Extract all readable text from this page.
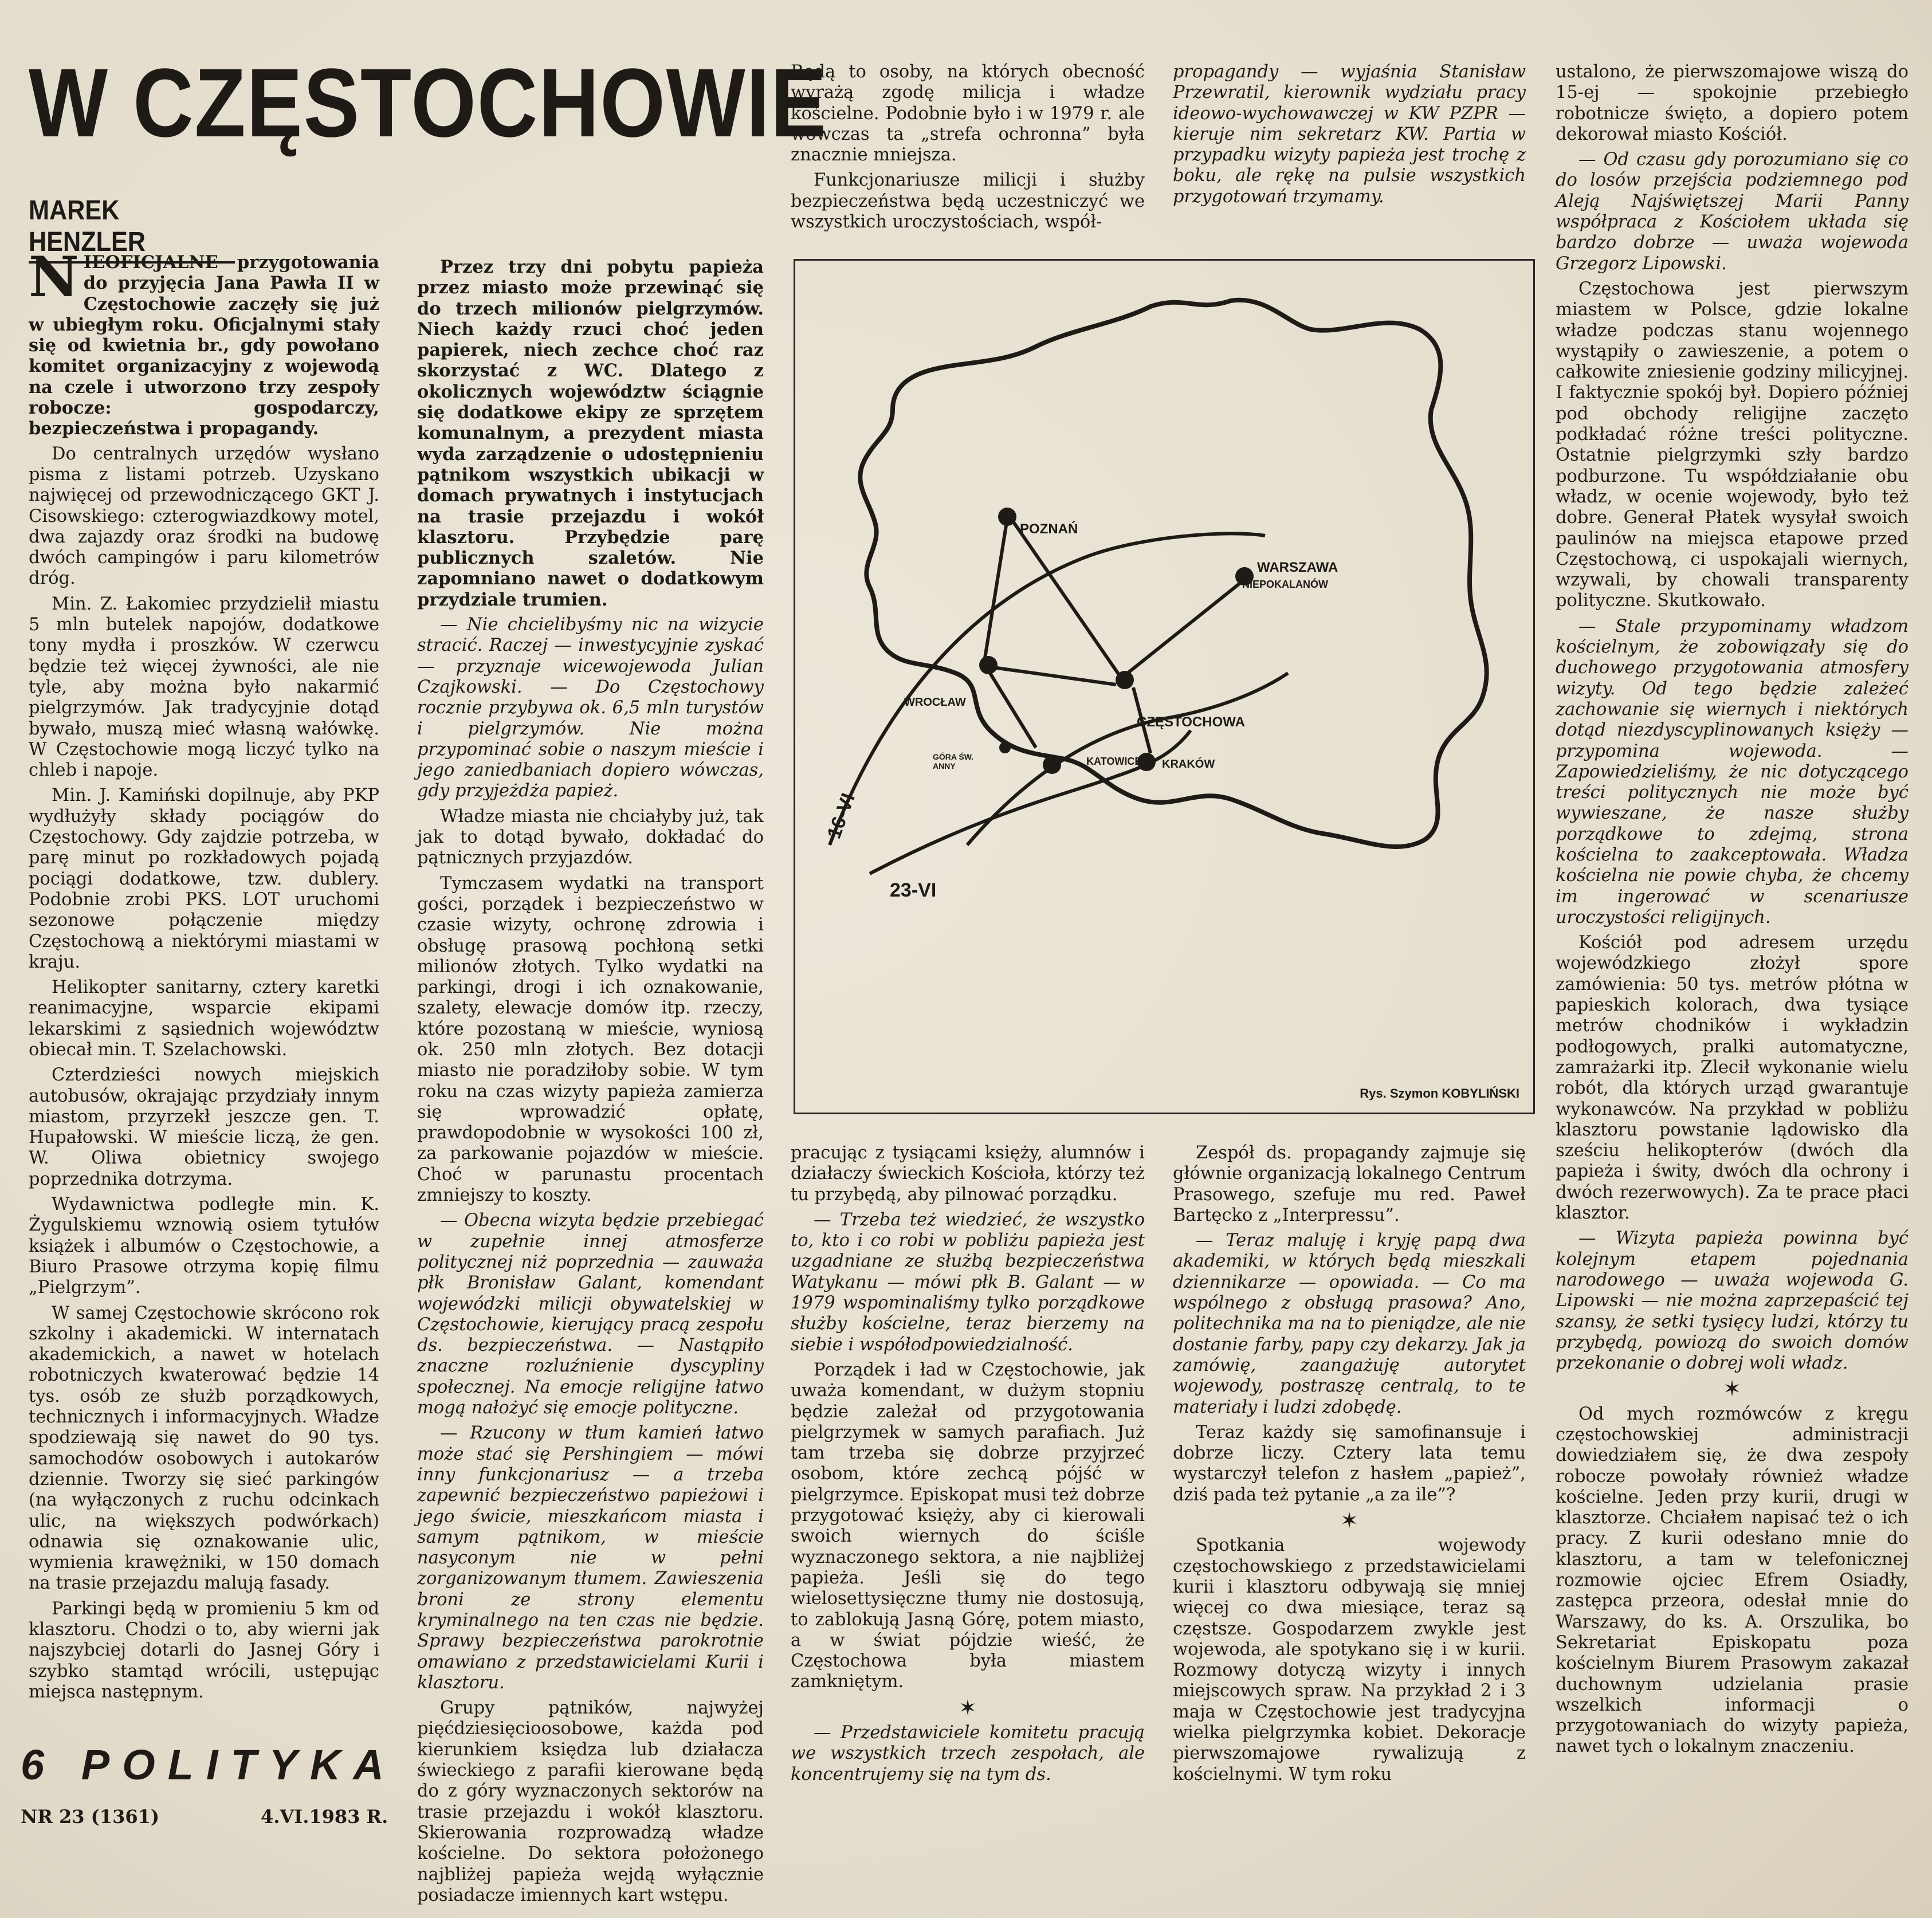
W CZĘSTOCHOWIE
MAREK HENZLER

NIEOFICJALNE przygotowania do przyjęcia Jana Pawła II w Częstochowie zaczęły się już w ubiegłym roku. Oficjalnymi stały się od kwietnia br., gdy powołano komitet organizacyjny z wojewodą na czele i utworzono trzy zespoły robocze: gospodarczy, bezpieczeństwa i propagandy.

Do centralnych urzędów wysłano pisma z listami potrzeb. Uzyskano najwięcej od przewodniczącego GKT J. Cisowskiego: czterogwiazdkowy motel, dwa zajazdy oraz środki na budowę dwóch campingów i paru kilometrów dróg.

Min. Z. Łakomiec przydzielił miastu 5 mln butelek napojów, dodatkowe tony mydła i proszków. W czerwcu będzie też więcej żywności, ale nie tyle, aby można było nakarmić pielgrzymów. Jak tradycyjnie dotąd bywało, muszą mieć własną wałówkę. W Częstochowie mogą liczyć tylko na chleb i napoje.

Min. J. Kamiński dopilnuje, aby PKP wydłużyły składy pociągów do Częstochowy. Gdy zajdzie potrzeba, w parę minut po rozkładowych pojadą pociągi dodatkowe, tzw. dublery. Podobnie zrobi PKS. LOT uruchomi sezonowe połączenie między Częstochową a niektórymi miastami w kraju.

Helikopter sanitarny, cztery karetki reanimacyjne, wsparcie ekipami lekarskimi z sąsiednich województw obiecał min. T. Szelachowski.

Czterdzieści nowych miejskich autobusów, okrajając przydziały innym miastom, przyrzekł jeszcze gen. T. Hupałowski. W mieście liczą, że gen. W. Oliwa obietnicy swojego poprzednika dotrzyma.

Wydawnictwa podległe min. K. Żygulskiemu wznowią osiem tytułów książek i albumów o Częstochowie, a Biuro Prasowe otrzyma kopię filmu „Pielgrzym”.

W samej Częstochowie skrócono rok szkolny i akademicki. W internatach akademickich, a nawet w hotelach robotniczych kwaterować będzie 14 tys. osób ze służb porządkowych, technicznych i informacyjnych. Władze spodziewają się nawet do 90 tys. samochodów osobowych i autokarów dziennie. Tworzy się sieć parkingów (na wyłączonych z ruchu odcinkach ulic, na większych podwórkach) odnawia się oznakowanie ulic, wymienia krawężniki, w 150 domach na trasie przejazdu malują fasady.

Parkingi będą w promieniu 5 km od klasztoru. Chodzi o to, aby wierni jak najszybciej dotarli do Jasnej Góry i szybko stamtąd wrócili, ustępując miejsca następnym.

Przez trzy dni pobytu papieża przez miasto może przewinąć się do trzech milionów pielgrzymów. Niech każdy rzuci choć jeden papierek, niech zechce choć raz skorzystać z WC. Dlatego z okolicznych województw ściągnie się dodatkowe ekipy ze sprzętem komunalnym, a prezydent miasta wyda zarządzenie o udostępnieniu pątnikom wszystkich ubikacji w domach prywatnych i instytucjach na trasie przejazdu i wokół klasztoru. Przybędzie parę publicznych szaletów. Nie zapomniano nawet o dodatkowym przydziale trumien.

— Nie chcielibyśmy nic na wizycie stracić. Raczej — inwestycyjnie zyskać — przyznaje wicewojewoda Julian Czajkowski. — Do Częstochowy rocznie przybywa ok. 6,5 mln turystów i pielgrzymów. Nie można przypominać sobie o naszym mieście i jego zaniedbaniach dopiero wówczas, gdy przyjeżdża papież.

Władze miasta nie chciałyby już, tak jak to dotąd bywało, dokładać do pątnicznych przyjazdów.

Tymczasem wydatki na transport gości, porządek i bezpieczeństwo w czasie wizyty, ochronę zdrowia i obsługę prasową pochłoną setki milionów złotych. Tylko wydatki na parkingi, drogi i ich oznakowanie, szalety, elewacje domów itp. rzeczy, które pozostaną w mieście, wyniosą ok. 250 mln złotych. Bez dotacji miasto nie poradziłoby sobie. W tym roku na czas wizyty papieża zamierza się wprowadzić opłatę, prawdopodobnie w wysokości 100 zł, za parkowanie pojazdów w mieście. Choć w parunastu procentach zmniejszy to koszty.

— Obecna wizyta będzie przebiegać w zupełnie innej atmosferze politycznej niż poprzednia — zauważa płk Bronisław Galant, komendant wojewódzki milicji obywatelskiej w Częstochowie, kierujący pracą zespołu ds. bezpieczeństwa. — Nastąpiło znaczne rozluźnienie dyscypliny społecznej. Na emocje religijne łatwo mogą nałożyć się emocje polityczne.

— Rzucony w tłum kamień łatwo może stać się Pershingiem — mówi inny funkcjonariusz — a trzeba zapewnić bezpieczeństwo papieżowi i jego świcie, mieszkańcom miasta i samym pątnikom, w mieście nasyconym nie w pełni zorganizowanym tłumem. Zawieszenia broni ze strony elementu kryminalnego na ten czas nie będzie. Sprawy bezpieczeństwa parokrotnie omawiano z przedstawicielami Kurii i klasztoru.

Grupy pątników, najwyżej pięćdziesięcioosobowe, każda pod kierunkiem księdza lub działacza świeckiego z parafii kierowane będą do z góry wyznaczonych sektorów na trasie przejazdu i wokół klasztoru. Skierowania rozprowadzą władze kościelne. Do sektora położonego najbliżej papieża wejdą wyłącznie posiadacze imiennych kart wstępu.

Będą to osoby, na których obecność wyrażą zgodę milicja i władze kościelne. Podobnie było i w 1979 r. ale wówczas ta „strefa ochronna” była znacznie mniejsza.

Funkcjonariusze milicji i służby bezpieczeństwa będą uczestniczyć we wszystkich uroczystościach, współ-

propagandy — wyjaśnia Stanisław Przewratil, kierownik wydziału pracy ideowo-wychowawczej w KW PZPR — kieruje nim sekretarz KW. Partia w przypadku wizyty papieża jest trochę z boku, ale rękę na pulsie wszystkich przygotowań trzymamy.

POZNAŃ
WARSZAWA
NIEPOKALANÓW
WROCŁAW
CZĘSTOCHOWA
GÓRA ŚW. ANNY	KATOWICE KRAKÓW
16-VI
23-VI
Rys. Szymon KOBYLIŃSKI

pracując z tysiącami księży, alumnów i działaczy świeckich Kościoła, którzy też tu przybędą, aby pilnować porządku.

— Trzeba też wiedzieć, że wszystko to, kto i co robi w pobliżu papieża jest uzgadniane ze służbą bezpieczeństwa Watykanu — mówi płk B. Galant — w 1979 wspominaliśmy tylko porządkowe służby kościelne, teraz bierzemy na siebie i współodpowiedzialność.

Porządek i ład w Częstochowie, jak uważa komendant, w dużym stopniu będzie zależał od przygotowania pielgrzymek w samych parafiach. Już tam trzeba się dobrze przyjrzeć osobom, które zechcą pójść w pielgrzymce. Episkopat musi też dobrze przygotować księży, aby ci kierowali swoich wiernych do ściśle wyznaczonego sektora, a nie najbliżej papieża. Jeśli się do tego wielosettysięczne tłumy nie dostosują, to zablokują Jasną Górę, potem miasto, a w świat pójdzie wieść, że Częstochowa była miastem zamkniętym.

✶

— Przedstawiciele komitetu pracują we wszystkich trzech zespołach, ale koncentrujemy się na tym ds.

Zespół ds. propagandy zajmuje się głównie organizacją lokalnego Centrum Prasowego, szefuje mu red. Paweł Bartęcko z „Interpressu”.

— Teraz maluję i kryję papą dwa akademiki, w których będą mieszkali dziennikarze — opowiada. — Co ma wspólnego z obsługą prasowa? Ano, politechnika ma na to pieniądze, ale nie dostanie farby, papy czy dekarzy. Jak ja zamówię, zaangażuję autorytet wojewody, postraszę centralą, to te materiały i ludzi zdobędę.

Teraz każdy się samofinansuje i dobrze liczy. Cztery lata temu wystarczył telefon z hasłem „papież”, dziś pada też pytanie „a za ile”?

✶

Spotkania wojewody częstochowskiego z przedstawicielami kurii i klasztoru odbywają się mniej więcej co dwa miesiące, teraz są częstsze. Gospodarzem zwykle jest wojewoda, ale spotykano się i w kurii. Rozmowy dotyczą wizyty i innych miejscowych spraw. Na przykład 2 i 3 maja w Częstochowie jest tradycyjna wielka pielgrzymka kobiet. Dekoracje pierwszomajowe rywalizują z kościelnymi. W tym roku

ustalono, że pierwszomajowe wiszą do 15-ej — spokojnie przebiegło robotnicze święto, a dopiero potem dekorował miasto Kościół.

— Od czasu gdy porozumiano się co do losów przejścia podziemnego pod Aleją Najświętszej Marii Panny współpraca z Kościołem układa się bardzo dobrze — uważa wojewoda Grzegorz Lipowski.

Częstochowa jest pierwszym miastem w Polsce, gdzie lokalne władze podczas stanu wojennego wystąpiły o zawieszenie, a potem o całkowite zniesienie godziny milicyjnej. I faktycznie spokój był. Dopiero później pod obchody religijne zaczęto podkładać różne treści polityczne. Ostatnie pielgrzymki szły bardzo podburzone. Tu współdziałanie obu władz, w ocenie wojewody, było też dobre. Generał Płatek wysyłał swoich paulinów na miejsca etapowe przed Częstochową, ci uspokajali wiernych, wzywali, by chowali transparenty polityczne. Skutkowało.

— Stale przypominamy władzom kościelnym, że zobowiązały się do duchowego przygotowania atmosfery wizyty. Od tego będzie zależeć zachowanie się wiernych i niektórych dotąd niezdyscyplinowanych księży — przypomina wojewoda. — Zapowiedzieliśmy, że nic dotyczącego treści politycznych nie może być wywieszane, że nasze służby porządkowe to zdejmą, strona kościelna to zaakceptowała. Władza kościelna nie powie chyba, że chcemy im ingerować w scenariusze uroczystości religijnych.

Kościół pod adresem urzędu wojewódzkiego złożył spore zamówienia: 50 tys. metrów płótna w papieskich kolorach, dwa tysiące metrów chodników i wykładzin podłogowych, pralki automatyczne, zamrażarki itp. Zlecił wykonanie wielu robót, dla których urząd gwarantuje wykonawców. Na przykład w pobliżu klasztoru powstanie lądowisko dla sześciu helikopterów (dwóch dla papieża i świty, dwóch dla ochrony i dwóch rezerwowych). Za te prace płaci klasztor.

— Wizyta papieża powinna być kolejnym etapem pojednania narodowego — uważa wojewoda G. Lipowski — nie można zaprzepaścić tej szansy, że setki tysięcy ludzi, którzy tu przybędą, powiozą do swoich domów przekonanie o dobrej woli władz.

✶

Od mych rozmówców z kręgu częstochowskiej administracji dowiedziałem się, że dwa zespoły robocze powołały również władze kościelne. Jeden przy kurii, drugi w klasztorze. Chciałem napisać też o ich pracy. Z kurii odesłano mnie do klasztoru, a tam w telefonicznej rozmowie ojciec Efrem Osiadły, zastępca przeora, odesłał mnie do Warszawy, do ks. A. Orszulika, bo Sekretariat Episkopatu poza kościelnym Biurem Prasowym zakazał duchownym udzielania prasie wszelkich informacji o przygotowaniach do wizyty papieża, nawet tych o lokalnym znaczeniu.

6 POLITYKA
NR 23 (1361)	4.VI.1983 R.
